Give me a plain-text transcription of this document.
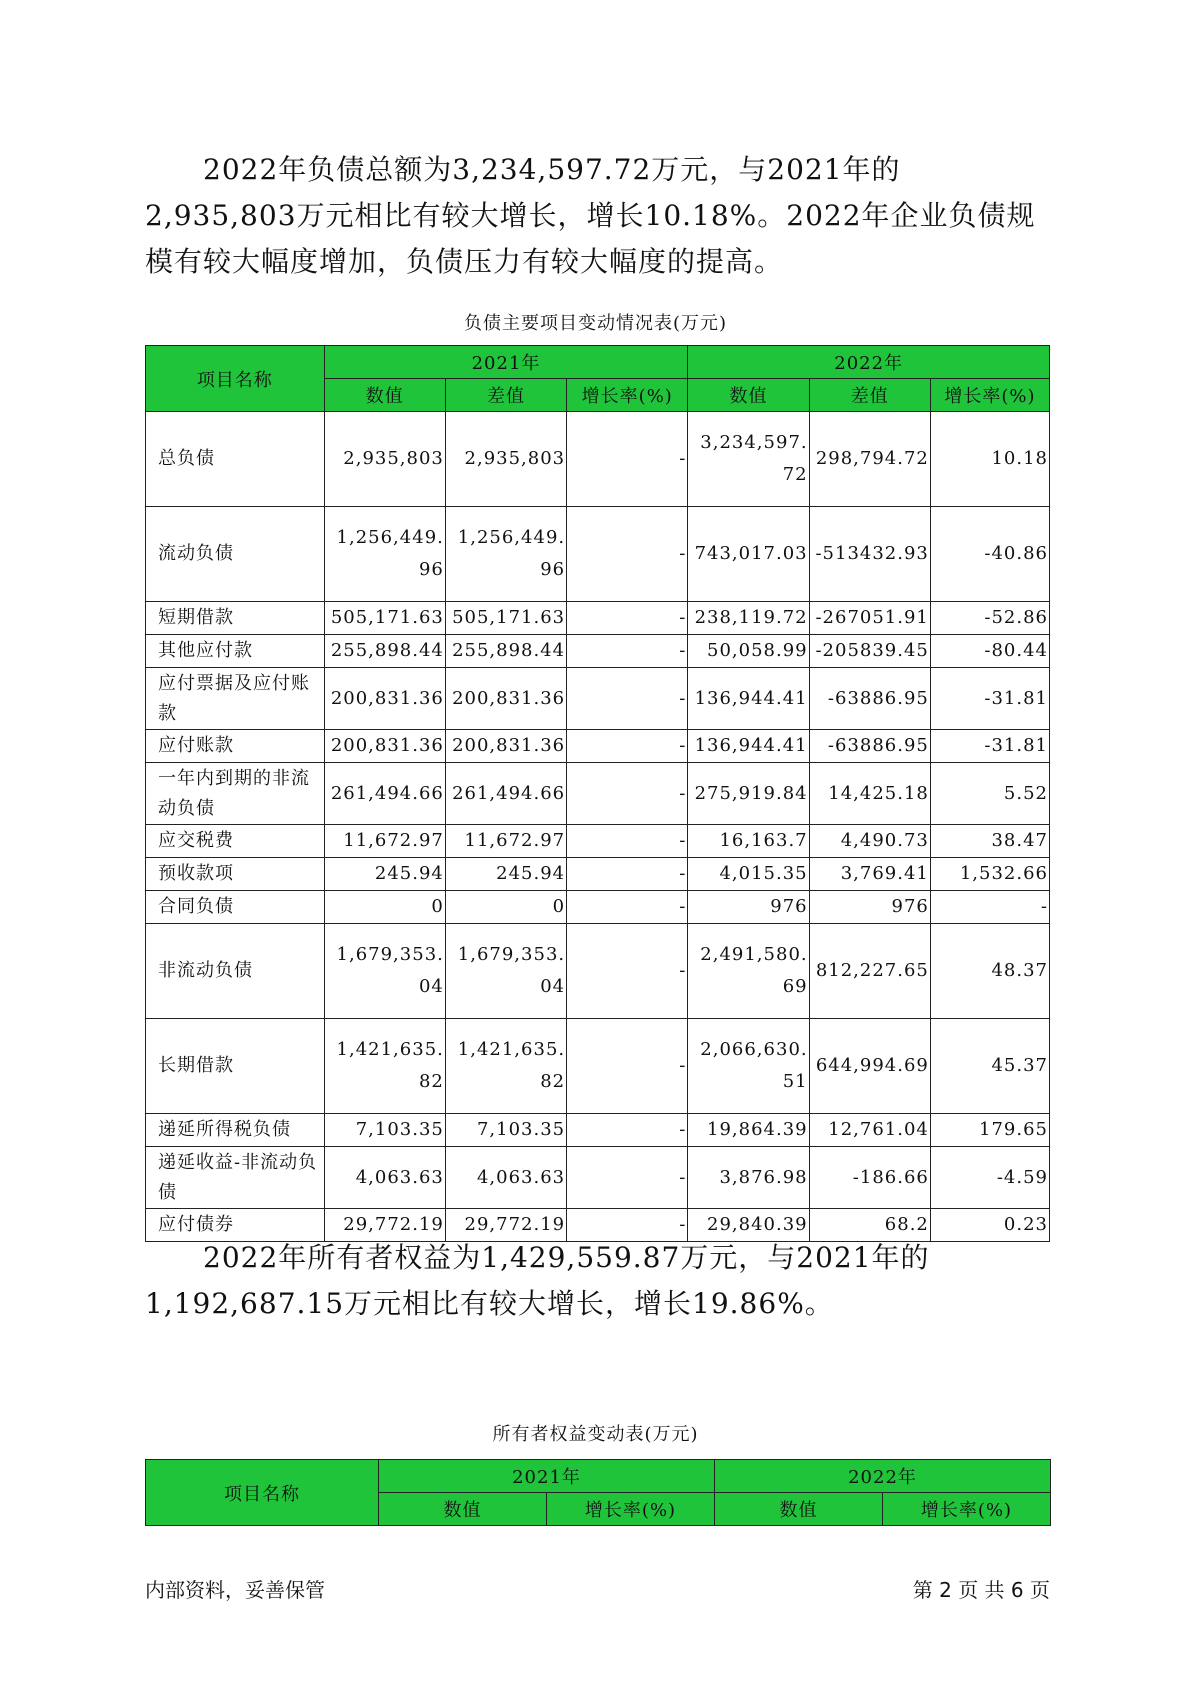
2022年负债总额为3,234,597.72万元，与2021年的2,935,803万元相比有较大增长，增长10.18%。2022年企业负债规模有较大幅度增加，负债压力有较大幅度的提高。

负债主要项目变动情况表(万元)
项目名称	2021年			2022年		
	数值	差值	增长率(%)	数值	差值	增长率(%)
总负债	2,935,803	2,935,803	-	3,234,597.72	298,794.72	10.18
流动负债	1,256,449.96	1,256,449.96	-	743,017.03	-513432.93	-40.86
短期借款	505,171.63	505,171.63	-	238,119.72	-267051.91	-52.86
其他应付款	255,898.44	255,898.44	-	50,058.99	-205839.45	-80.44
应付票据及应付账款	200,831.36	200,831.36	-	136,944.41	-63886.95	-31.81
应付账款	200,831.36	200,831.36	-	136,944.41	-63886.95	-31.81
一年内到期的非流动负债	261,494.66	261,494.66	-	275,919.84	14,425.18	5.52
应交税费	11,672.97	11,672.97	-	16,163.7	4,490.73	38.47
预收款项	245.94	245.94	-	4,015.35	3,769.41	1,532.66
合同负债	0	0	-	976	976	-
非流动负债	1,679,353.04	1,679,353.04	-	2,491,580.69	812,227.65	48.37
长期借款	1,421,635.82	1,421,635.82	-	2,066,630.51	644,994.69	45.37
递延所得税负债	7,103.35	7,103.35	-	19,864.39	12,761.04	179.65
递延收益-非流动负债	4,063.63	4,063.63	-	3,876.98	-186.66	-4.59
应付债券	29,772.19	29,772.19	-	29,840.39	68.2	0.23

2022年所有者权益为1,429,559.87万元，与2021年的1,192,687.15万元相比有较大增长，增长19.86%。

所有者权益变动表(万元)
项目名称	2021年		2022年	
	数值	增长率(%)	数值	增长率(%)
内部资料，妥善保管	第 2 页 共 6 页
